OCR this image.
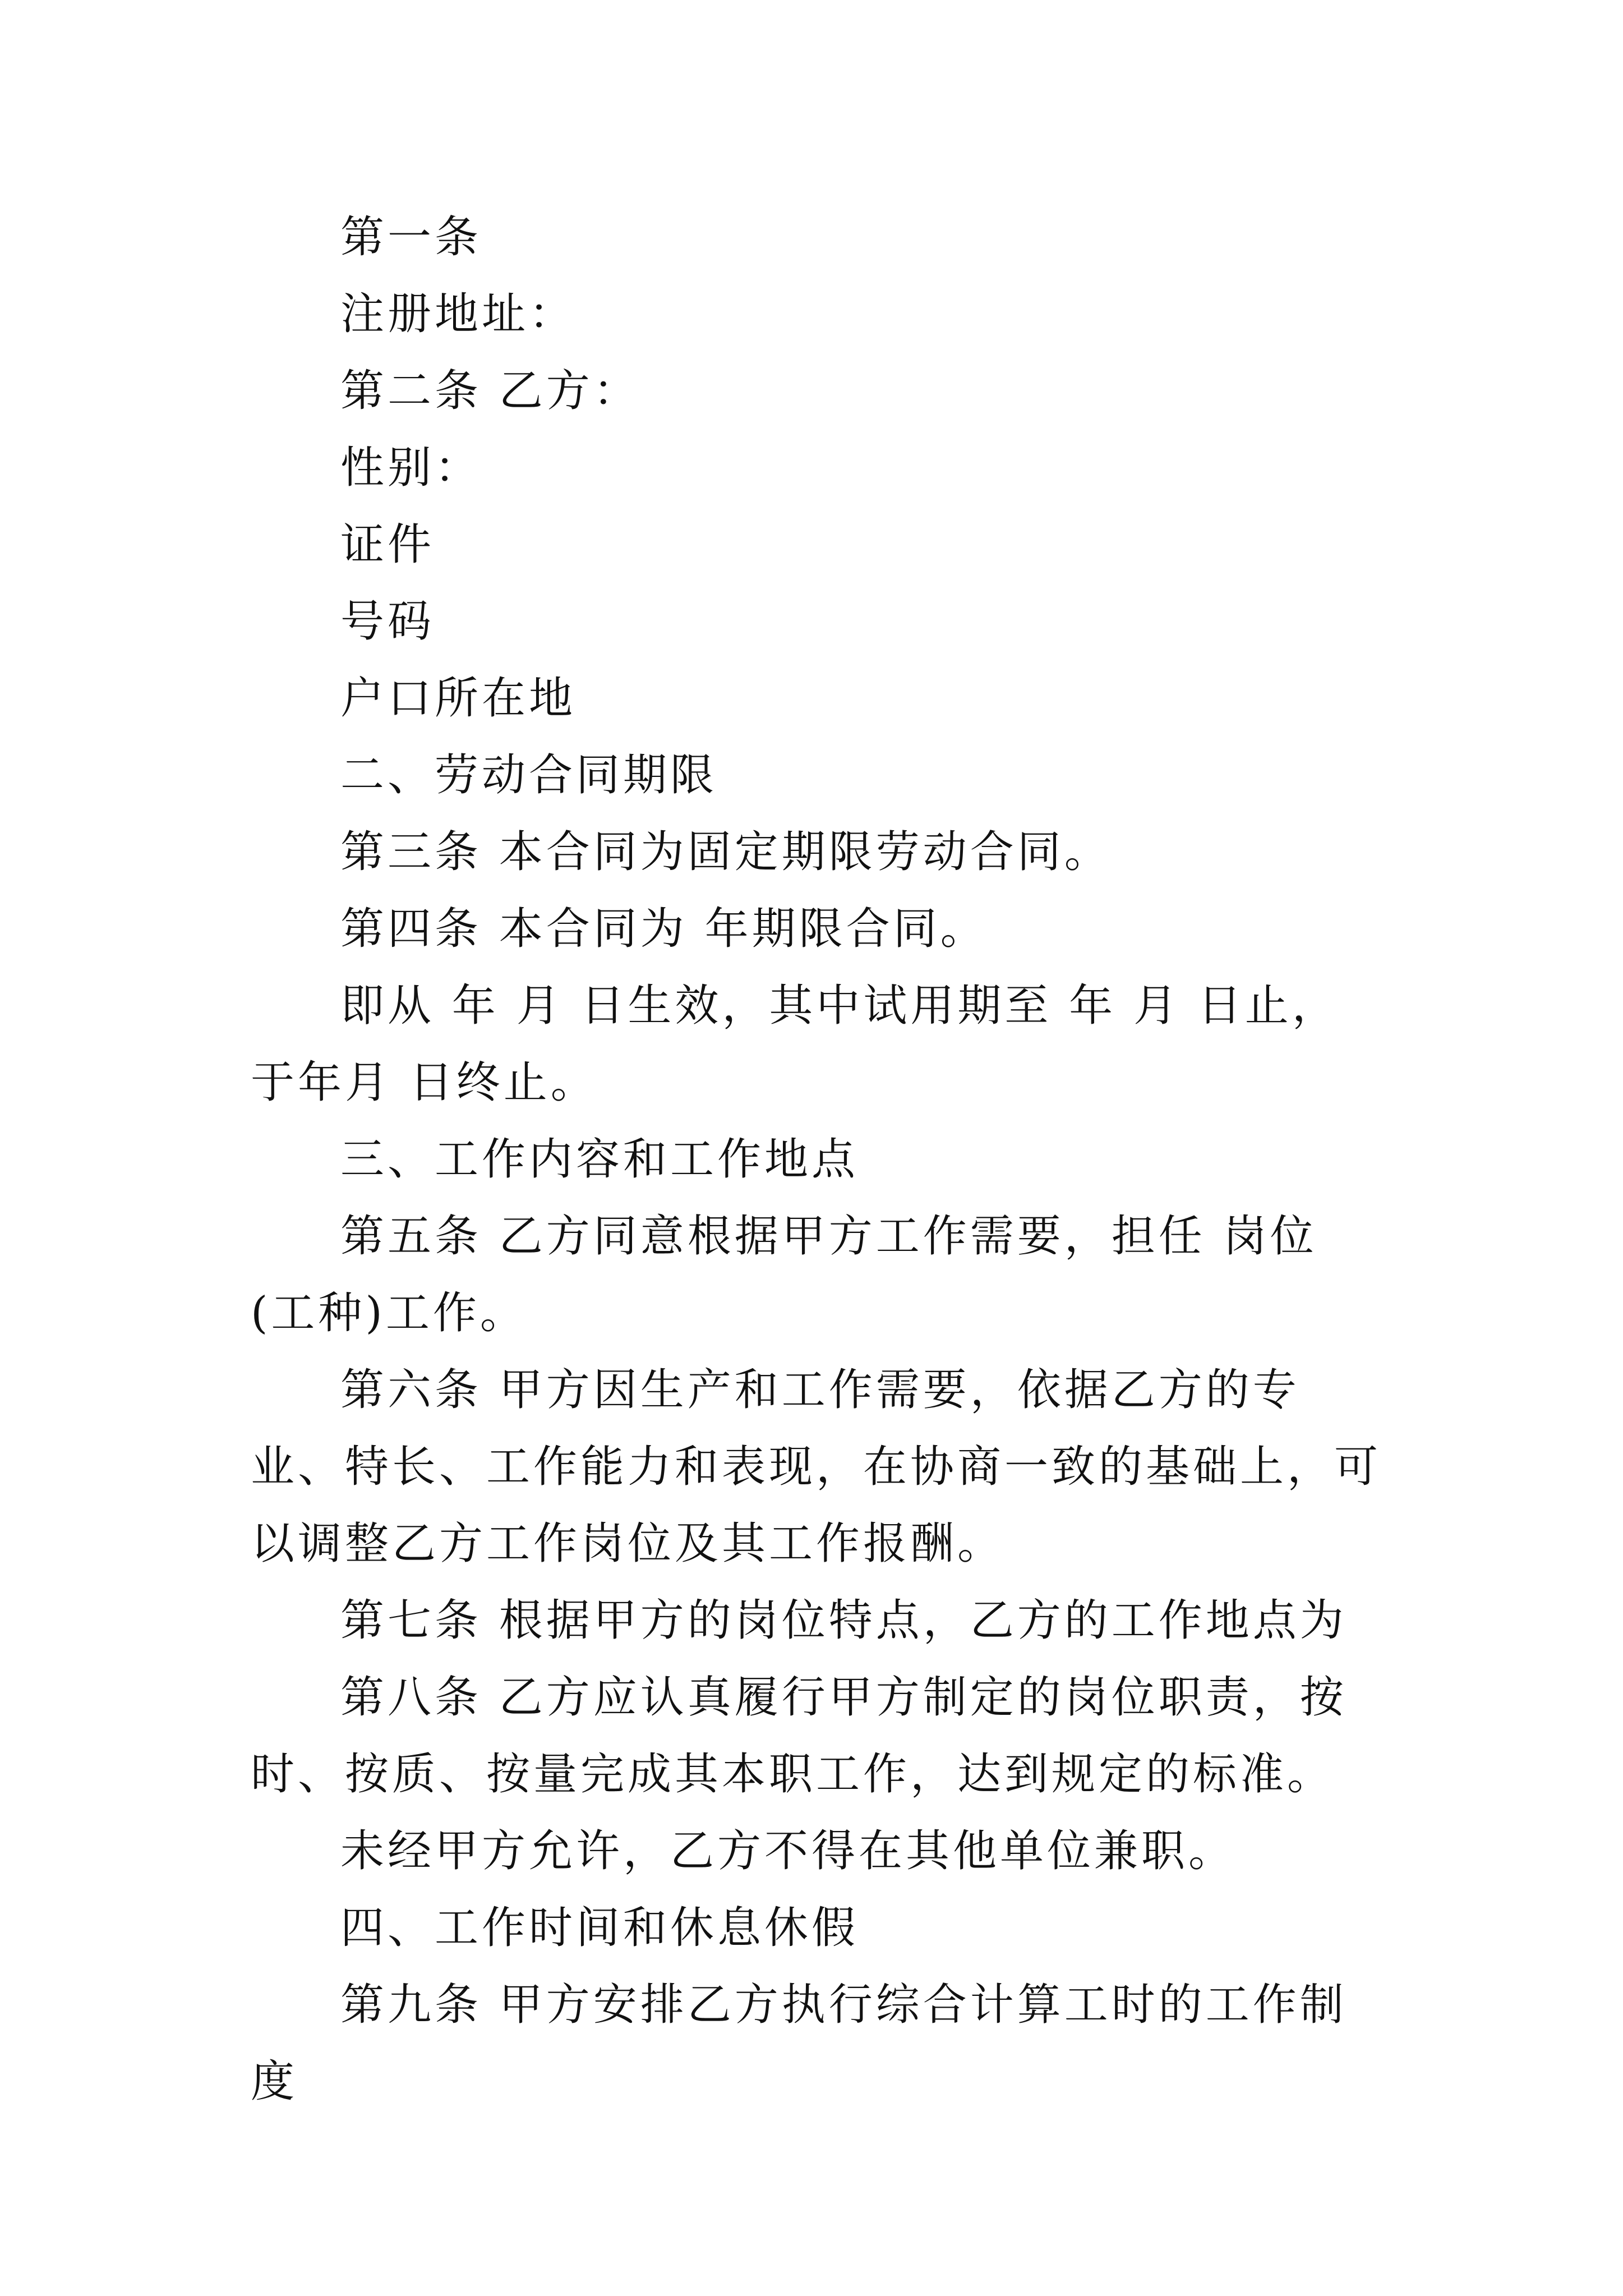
第一条

注册地址：

第二条 乙方：

性别：

证件

号码

户口所在地

二、劳动合同期限

第三条 本合同为固定期限劳动合同。

第四条 本合同为 年期限合同。

即从 年 月 日生效，其中试用期至 年 月 日止，于年月 日终止。

三、工作内容和工作地点

第五条 乙方同意根据甲方工作需要，担任 岗位(工种)工作。

第六条 甲方因生产和工作需要，依据乙方的专业、特长、工作能力和表现，在协商一致的基础上，可以调整乙方工作岗位及其工作报酬。

第七条 根据甲方的岗位特点，乙方的工作地点为

第八条 乙方应认真履行甲方制定的岗位职责，按时、按质、按量完成其本职工作，达到规定的标准。

未经甲方允许，乙方不得在其他单位兼职。

四、工作时间和休息休假

第九条 甲方安排乙方执行综合计算工时的工作制度
